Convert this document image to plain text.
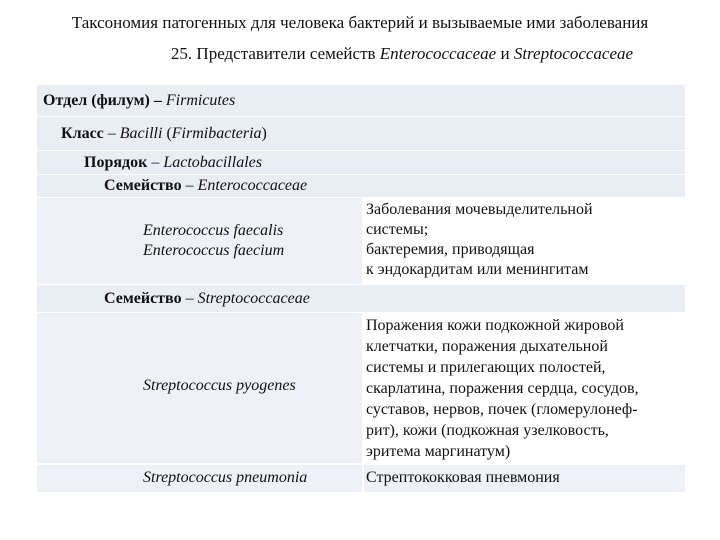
Таксономия патогенных для человека бактерий и вызываемые ими заболевания
25. Представители семейств Enterococcaceae и Streptococcaceae
Отдел (филум) – Firmicutes
Класс – Bacilli (Firmibacteria)
Порядок – Lactobacillales
Семейство – Enterococcaceae
Enterococcus faecalis
Enterococcus faecium
Заболевания мочевыделительной
системы;
бактеремия, приводящая
к эндокардитам или менингитам
Семейство – Streptococcaceae
Streptococcus pyogenes
Поражения кожи подкожной жировой
клетчатки, поражения дыхательной
системы и прилегающих полостей,
скарлатина, поражения сердца, сосудов,
суставов, нервов, почек (гломерулонеф-
рит), кожи (подкожная узелковость,
эритема маргинатум)
Streptococcus pneumonia	Стрептококковая пневмония
